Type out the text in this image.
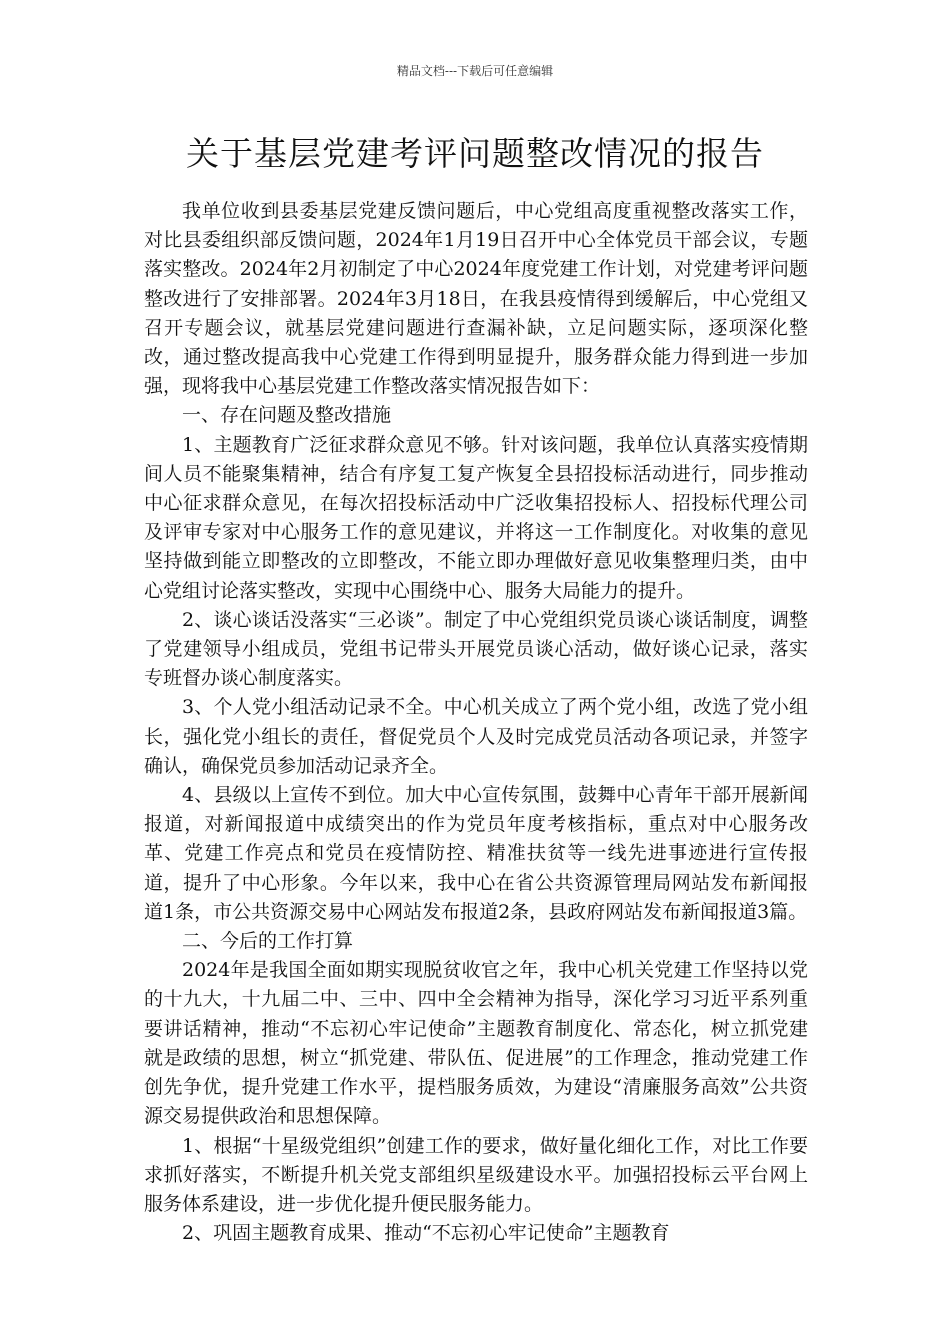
精品文档---下载后可任意编辑
关于基层党建考评问题整改情况的报告

我单位收到县委基层党建反馈问题后，中心党组高度重视整改落实工作，对比县委组织部反馈问题，2024年1月19日召开中心全体党员干部会议，专题落实整改。2024年2月初制定了中心2024年度党建工作计划，对党建考评问题整改进行了安排部署。2024年3月18日，在我县疫情得到缓解后，中心党组又召开专题会议，就基层党建问题进行查漏补缺，立足问题实际，逐项深化整改，通过整改提高我中心党建工作得到明显提升，服务群众能力得到进一步加强，现将我中心基层党建工作整改落实情况报告如下：

一、存在问题及整改措施

1、主题教育广泛征求群众意见不够。针对该问题，我单位认真落实疫情期间人员不能聚集精神，结合有序复工复产恢复全县招投标活动进行，同步推动中心征求群众意见，在每次招投标活动中广泛收集招投标人、招投标代理公司及评审专家对中心服务工作的意见建议，并将这一工作制度化。对收集的意见坚持做到能立即整改的立即整改，不能立即办理做好意见收集整理归类，由中心党组讨论落实整改，实现中心围绕中心、服务大局能力的提升。

2、谈心谈话没落实“三必谈”。制定了中心党组织党员谈心谈话制度，调整了党建领导小组成员，党组书记带头开展党员谈心活动，做好谈心记录，落实专班督办谈心制度落实。

3、个人党小组活动记录不全。中心机关成立了两个党小组，改选了党小组长，强化党小组长的责任，督促党员个人及时完成党员活动各项记录，并签字确认，确保党员参加活动记录齐全。

4、县级以上宣传不到位。加大中心宣传氛围，鼓舞中心青年干部开展新闻报道，对新闻报道中成绩突出的作为党员年度考核指标，重点对中心服务改革、党建工作亮点和党员在疫情防控、精准扶贫等一线先进事迹进行宣传报道，提升了中心形象。今年以来，我中心在省公共资源管理局网站发布新闻报道1条，市公共资源交易中心网站发布报道2条，县政府网站发布新闻报道3篇。

二、今后的工作打算

2024年是我国全面如期实现脱贫收官之年，我中心机关党建工作坚持以党的十九大，十九届二中、三中、四中全会精神为指导，深化学习习近平系列重要讲话精神，推动“不忘初心牢记使命”主题教育制度化、常态化，树立抓党建就是政绩的思想，树立“抓党建、带队伍、促进展”的工作理念，推动党建工作创先争优，提升党建工作水平，提档服务质效，为建设“清廉服务高效”公共资源交易提供政治和思想保障。

1、根据“十星级党组织”创建工作的要求，做好量化细化工作，对比工作要求抓好落实，不断提升机关党支部组织星级建设水平。加强招投标云平台网上服务体系建设，进一步优化提升便民服务能力。

2、巩固主题教育成果、推动“不忘初心牢记使命”主题教育
